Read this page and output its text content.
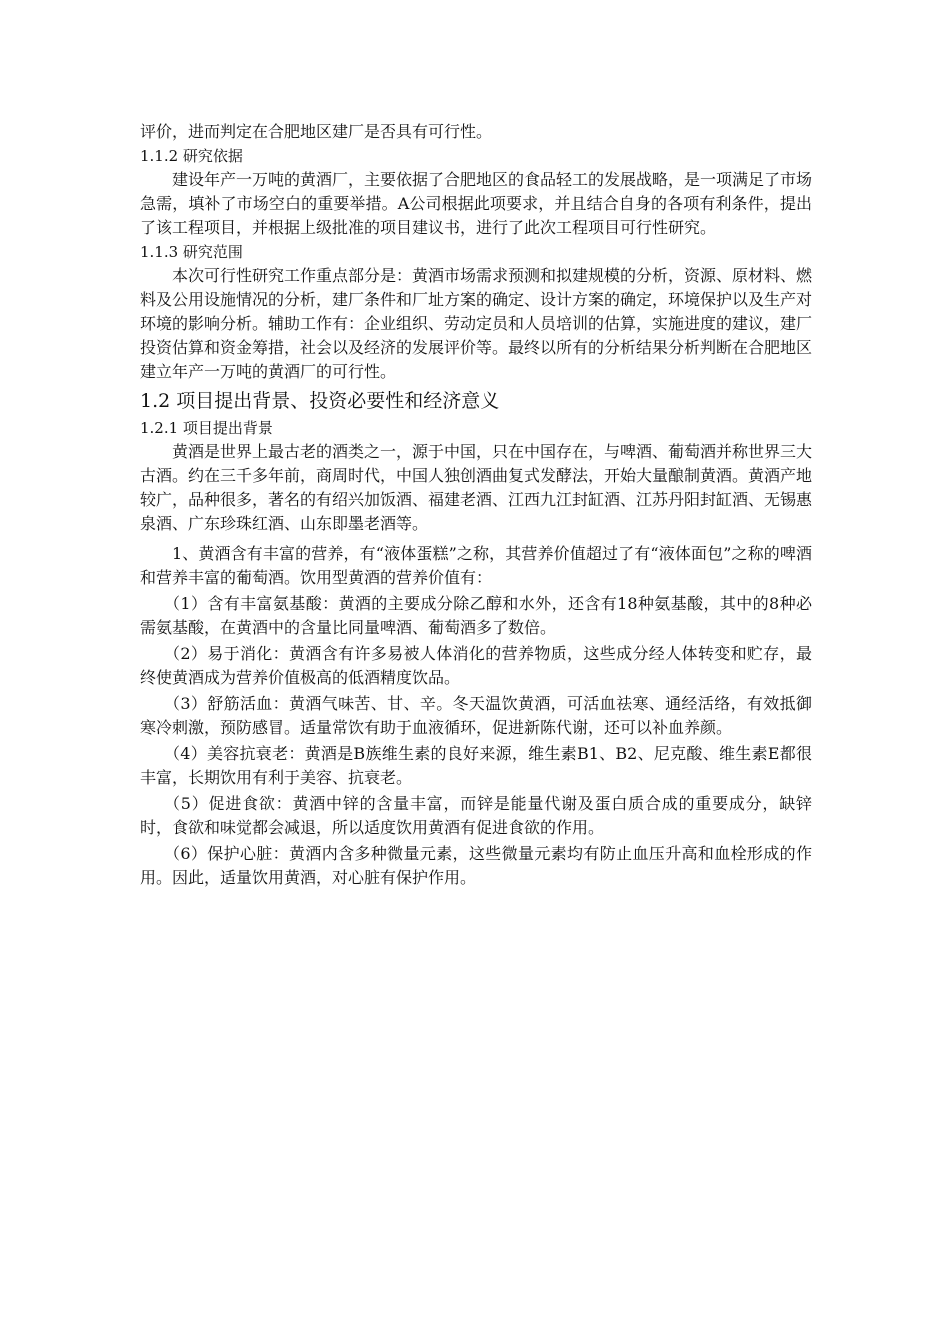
评价，进而判定在合肥地区建厂是否具有可行性。

1.1.2 研究依据

建设年产一万吨的黄酒厂，主要依据了合肥地区的食品轻工的发展战略，是一项满足了市场急需，填补了市场空白的重要举措。A公司根据此项要求，并且结合自身的各项有利条件，提出了该工程项目，并根据上级批准的项目建议书，进行了此次工程项目可行性研究。

1.1.3 研究范围

本次可行性研究工作重点部分是：黄酒市场需求预测和拟建规模的分析，资源、原材料、燃料及公用设施情况的分析，建厂条件和厂址方案的确定、设计方案的确定，环境保护以及生产对环境的影响分析。辅助工作有：企业组织、劳动定员和人员培训的估算，实施进度的建议，建厂投资估算和资金筹措，社会以及经济的发展评价等。最终以所有的分析结果分析判断在合肥地区建立年产一万吨的黄酒厂的可行性。

1.2 项目提出背景、投资必要性和经济意义

1.2.1 项目提出背景

黄酒是世界上最古老的酒类之一，源于中国，只在中国存在，与啤酒、葡萄酒并称世界三大古酒。约在三千多年前，商周时代，中国人独创酒曲复式发酵法，开始大量酿制黄酒。黄酒产地较广，品种很多，著名的有绍兴加饭酒、福建老酒、江西九江封缸酒、江苏丹阳封缸酒、无锡惠泉酒、广东珍珠红酒、山东即墨老酒等。

1、黄酒含有丰富的营养，有“液体蛋糕”之称，其营养价值超过了有“液体面包”之称的啤酒和营养丰富的葡萄酒。饮用型黄酒的营养价值有：

（1）含有丰富氨基酸：黄酒的主要成分除乙醇和水外，还含有18种氨基酸，其中的8种必需氨基酸，在黄酒中的含量比同量啤酒、葡萄酒多了数倍。

（2）易于消化：黄酒含有许多易被人体消化的营养物质，这些成分经人体转变和贮存，最终使黄酒成为营养价值极高的低酒精度饮品。

（3）舒筋活血：黄酒气味苦、甘、辛。冬天温饮黄酒，可活血祛寒、通经活络，有效抵御寒冷刺激，预防感冒。适量常饮有助于血液循环，促进新陈代谢，还可以补血养颜。

（4）美容抗衰老：黄酒是B族维生素的良好来源，维生素B1、B2、尼克酸、维生素E都很丰富，长期饮用有利于美容、抗衰老。

（5）促进食欲：黄酒中锌的含量丰富，而锌是能量代谢及蛋白质合成的重要成分，缺锌时，食欲和味觉都会减退，所以适度饮用黄酒有促进食欲的作用。

（6）保护心脏：黄酒内含多种微量元素，这些微量元素均有防止血压升高和血栓形成的作用。因此，适量饮用黄酒，对心脏有保护作用。
